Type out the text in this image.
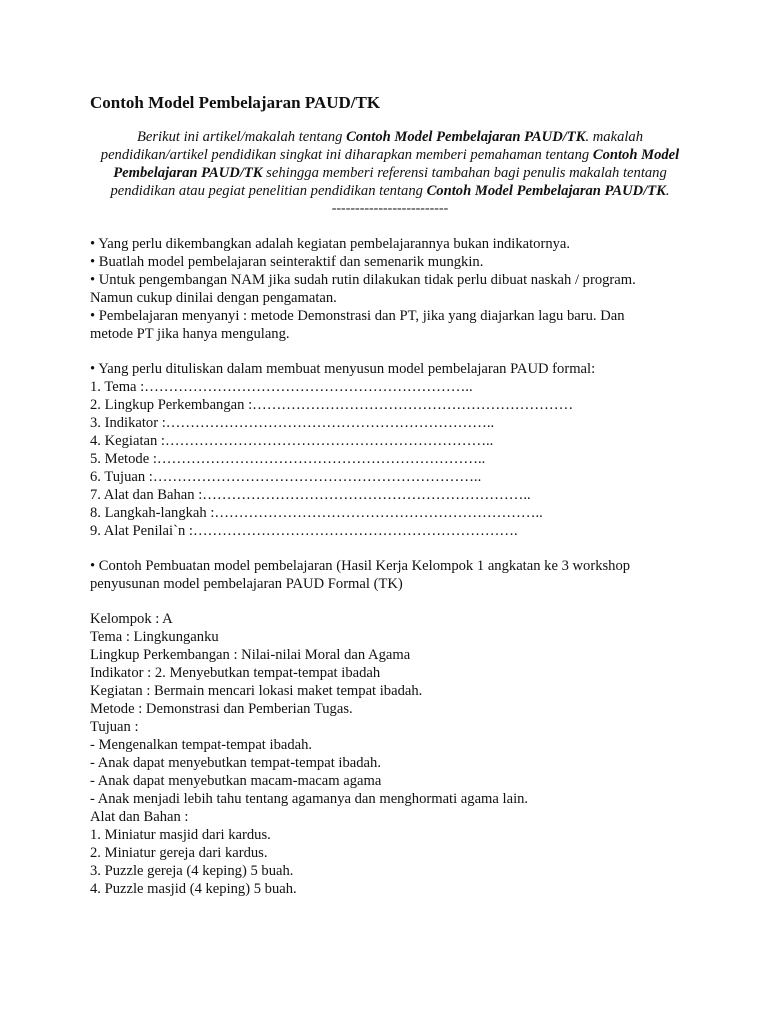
Contoh Model Pembelajaran PAUD/TK

Berikut ini artikel/makalah tentang Contoh Model Pembelajaran PAUD/TK. makalah pendidikan/artikel pendidikan singkat ini diharapkan memberi pemahaman tentang Contoh Model Pembelajaran PAUD/TK sehingga memberi referensi tambahan bagi penulis makalah tentang pendidikan atau pegiat penelitian pendidikan tentang Contoh Model Pembelajaran PAUD/TK.

-------------------------

• Yang perlu dikembangkan adalah kegiatan pembelajarannya bukan indikatornya.

• Buatlah model pembelajaran seinteraktif dan semenarik mungkin.

• Untuk pengembangan NAM jika sudah rutin dilakukan tidak perlu dibuat naskah / program.

Namun cukup dinilai dengan pengamatan.

• Pembelajaran menyanyi : metode Demonstrasi dan PT, jika yang diajarkan lagu baru. Dan

metode PT jika hanya mengulang.

• Yang perlu dituliskan dalam membuat menyusun model pembelajaran PAUD formal:

1. Tema :…………………………………………………………..

2. Lingkup Perkembangan :…………………………………………………………

3. Indikator :…………………………………………………………..

4. Kegiatan :…………………………………………………………..

5. Metode :…………………………………………………………..

6. Tujuan :…………………………………………………………..

7. Alat dan Bahan :…………………………………………………………..

8. Langkah-langkah :…………………………………………………………..

9. Alat Penilai`n :………………………………………………………….

• Contoh Pembuatan model pembelajaran (Hasil Kerja Kelompok 1 angkatan ke 3 workshop

penyusunan model pembelajaran PAUD Formal (TK)

Kelompok : A

Tema : Lingkunganku

Lingkup Perkembangan : Nilai-nilai Moral dan Agama

Indikator : 2. Menyebutkan tempat-tempat ibadah

Kegiatan : Bermain mencari lokasi maket tempat ibadah.

Metode : Demonstrasi dan Pemberian Tugas.

Tujuan :

- Mengenalkan tempat-tempat ibadah.

- Anak dapat menyebutkan tempat-tempat ibadah.

- Anak dapat menyebutkan macam-macam agama

- Anak menjadi lebih tahu tentang agamanya dan menghormati agama lain.

Alat dan Bahan :

1. Miniatur masjid dari kardus.

2. Miniatur gereja dari kardus.

3. Puzzle gereja (4 keping) 5 buah.

4. Puzzle masjid (4 keping) 5 buah.
